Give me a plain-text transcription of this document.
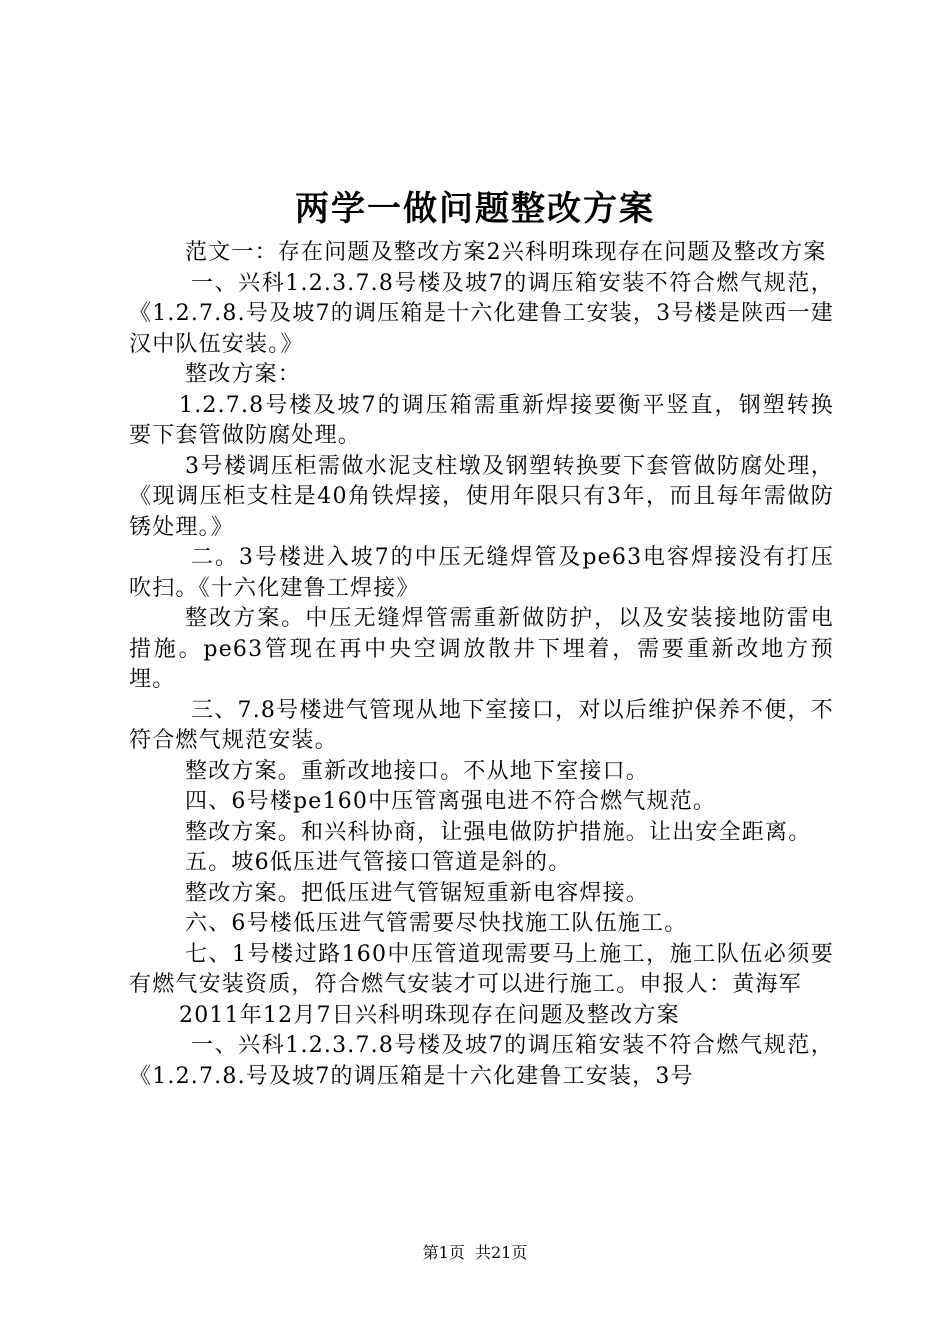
两学一做问题整改方案

范文一：存在问题及整改方案2兴科明珠现存在问题及整改方案

一、兴科1.2.3.7.8号楼及坡7的调压箱安装不符合燃气规范，《1.2.7.8.号及坡7的调压箱是十六化建鲁工安装，3号楼是陕西一建汉中队伍安装。》

整改方案：

1.2.7.8号楼及坡7的调压箱需重新焊接要衡平竖直，钢塑转换要下套管做防腐处理。

3号楼调压柜需做水泥支柱墩及钢塑转换要下套管做防腐处理，《现调压柜支柱是40角铁焊接，使用年限只有3年，而且每年需做防锈处理。》

二。3号楼进入坡7的中压无缝焊管及pe63电容焊接没有打压吹扫。《十六化建鲁工焊接》

整改方案。中压无缝焊管需重新做防护，以及安装接地防雷电措施。pe63管现在再中央空调放散井下埋着，需要重新改地方预埋。

三、7.8号楼进气管现从地下室接口，对以后维护保养不便，不符合燃气规范安装。

整改方案。重新改地接口。不从地下室接口。

四、6号楼pe160中压管离强电进不符合燃气规范。

整改方案。和兴科协商，让强电做防护措施。让出安全距离。

五。坡6低压进气管接口管道是斜的。

整改方案。把低压进气管锯短重新电容焊接。

六、6号楼低压进气管需要尽快找施工队伍施工。

七、1号楼过路160中压管道现需要马上施工，施工队伍必须要有燃气安装资质，符合燃气安装才可以进行施工。申报人：黄海军

2011年12月7日兴科明珠现存在问题及整改方案

一、兴科1.2.3.7.8号楼及坡7的调压箱安装不符合燃气规范，《1.2.7.8.号及坡7的调压箱是十六化建鲁工安装，3号

第1页  共21页
